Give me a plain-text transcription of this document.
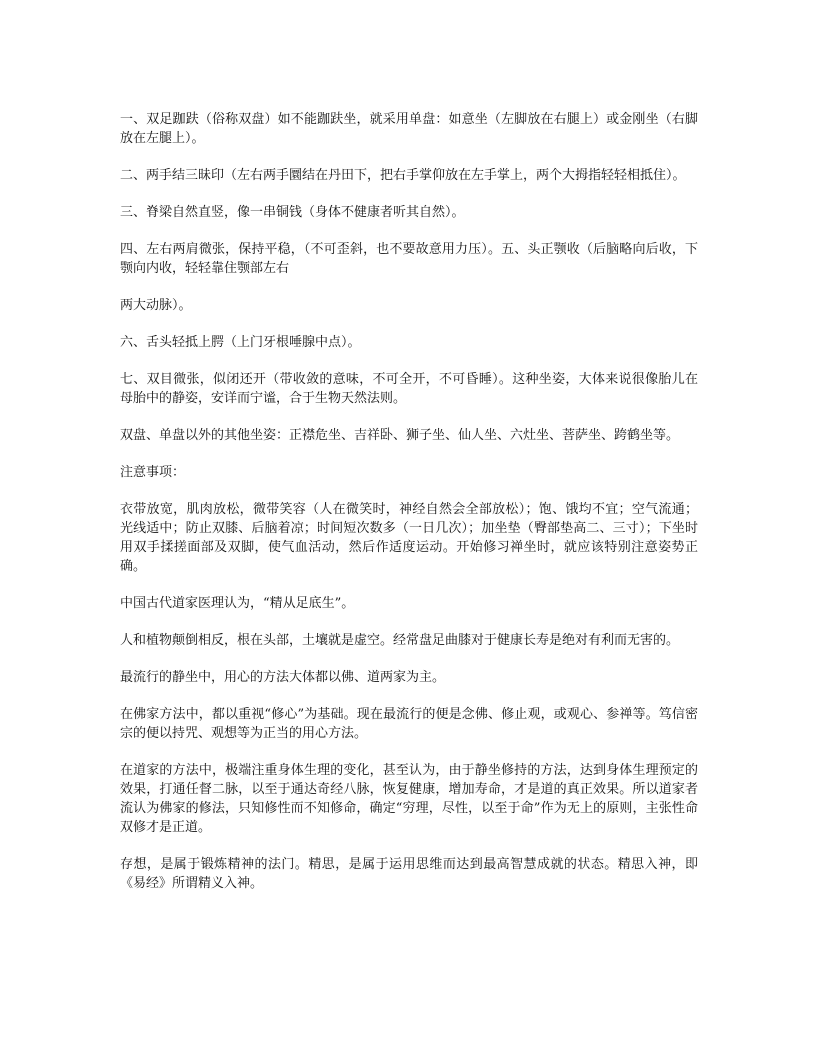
一、双足跏趺（俗称双盘）如不能跏趺坐，就采用单盘：如意坐（左脚放在右腿上）或金刚坐（右脚放在左腿上）。

二、两手结三昧印（左右两手圜结在丹田下，把右手掌仰放在左手掌上，两个大拇指轻轻相抵住）。

三、脊梁自然直竖，像一串铜钱（身体不健康者听其自然）。

四、左右两肩微张，保持平稳，（不可歪斜，也不要故意用力压）。五、头正颚收（后脑略向后收，下颚向内收，轻轻靠住颚部左右

两大动脉）。

六、舌头轻抵上腭（上门牙根唾腺中点）。

七、双目微张，似闭还开（带收敛的意味，不可全开，不可昏睡）。这种坐姿，大体来说很像胎儿在母胎中的静姿，安详而宁谧，合于生物天然法则。

双盘、单盘以外的其他坐姿：正襟危坐、吉祥卧、狮子坐、仙人坐、六灶坐、菩萨坐、跨鹤坐等。

注意事项：

衣带放宽，肌肉放松，微带笑容（人在微笑时，神经自然会全部放松）；饱、饿均不宜；空气流通；光线适中；防止双膝、后脑着凉；时间短次数多（一日几次）；加坐垫（臀部垫高二、三寸）；下坐时用双手揉搓面部及双脚，使气血活动，然后作适度运动。开始修习禅坐时，就应该特别注意姿势正确。

中国古代道家医理认为，“精从足底生”。

人和植物颠倒相反，根在头部，土壤就是虚空。经常盘足曲膝对于健康长寿是绝对有利而无害的。

最流行的静坐中，用心的方法大体都以佛、道两家为主。

在佛家方法中，都以重视“修心”为基础。现在最流行的便是念佛、修止观，或观心、参禅等。笃信密宗的便以持咒、观想等为正当的用心方法。

在道家的方法中，极端注重身体生理的变化，甚至认为，由于静坐修持的方法，达到身体生理预定的效果，打通任督二脉，以至于通达奇经八脉，恢复健康，增加寿命，才是道的真正效果。所以道家者流认为佛家的修法，只知修性而不知修命，确定“穷理，尽性，以至于命”作为无上的原则，主张性命双修才是正道。

存想，是属于锻炼精神的法门。精思，是属于运用思维而达到最高智慧成就的状态。精思入神，即《易经》所谓精义入神。
